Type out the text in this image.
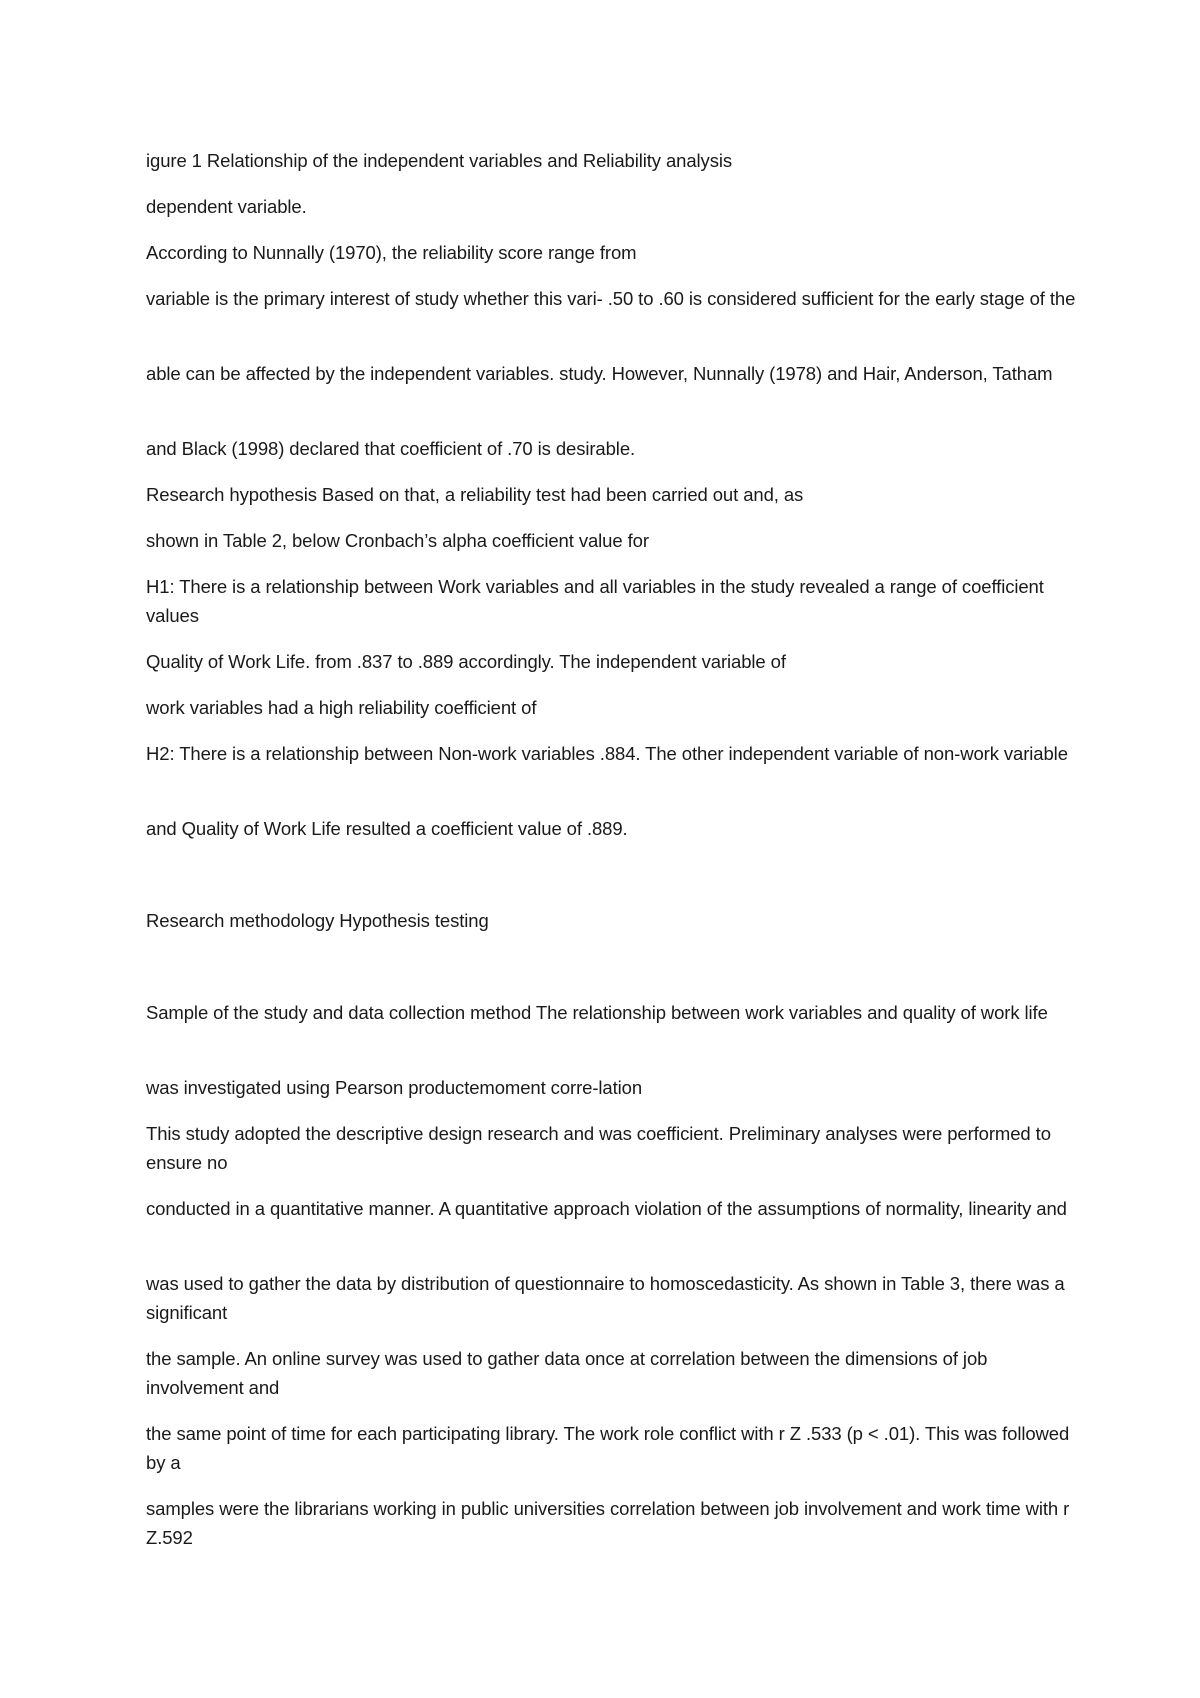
igure 1 Relationship of the independent variables and Reliability analysis

dependent variable.

According to Nunnally (1970), the reliability score range from

variable is the primary interest of study whether this vari- .50 to .60 is considered sufficient for the early stage of the

able can be affected by the independent variables. study. However, Nunnally (1978) and Hair, Anderson, Tatham

and Black (1998) declared that coefficient of .70 is desirable.

Research hypothesis Based on that, a reliability test had been carried out and, as

shown in Table 2, below Cronbach’s alpha coefficient value for

H1: There is a relationship between Work variables and all variables in the study revealed a range of coefficient values

Quality of Work Life. from .837 to .889 accordingly. The independent variable of

work variables had a high reliability coefficient of

H2: There is a relationship between Non-work variables .884. The other independent variable of non-work variable

and Quality of Work Life resulted a coefficient value of .889.

Research methodology Hypothesis testing

Sample of the study and data collection method The relationship between work variables and quality of work life

was investigated using Pearson productemoment corre-lation

This study adopted the descriptive design research and was coefficient. Preliminary analyses were performed to ensure no

conducted in a quantitative manner. A quantitative approach violation of the assumptions of normality, linearity and

was used to gather the data by distribution of questionnaire to homoscedasticity. As shown in Table 3, there was a significant

the sample. An online survey was used to gather data once at correlation between the dimensions of job involvement and

the same point of time for each participating library. The work role conflict with r Z .533 (p < .01). This was followed by a

samples were the librarians working in public universities correlation between job involvement and work time with r Z.592
